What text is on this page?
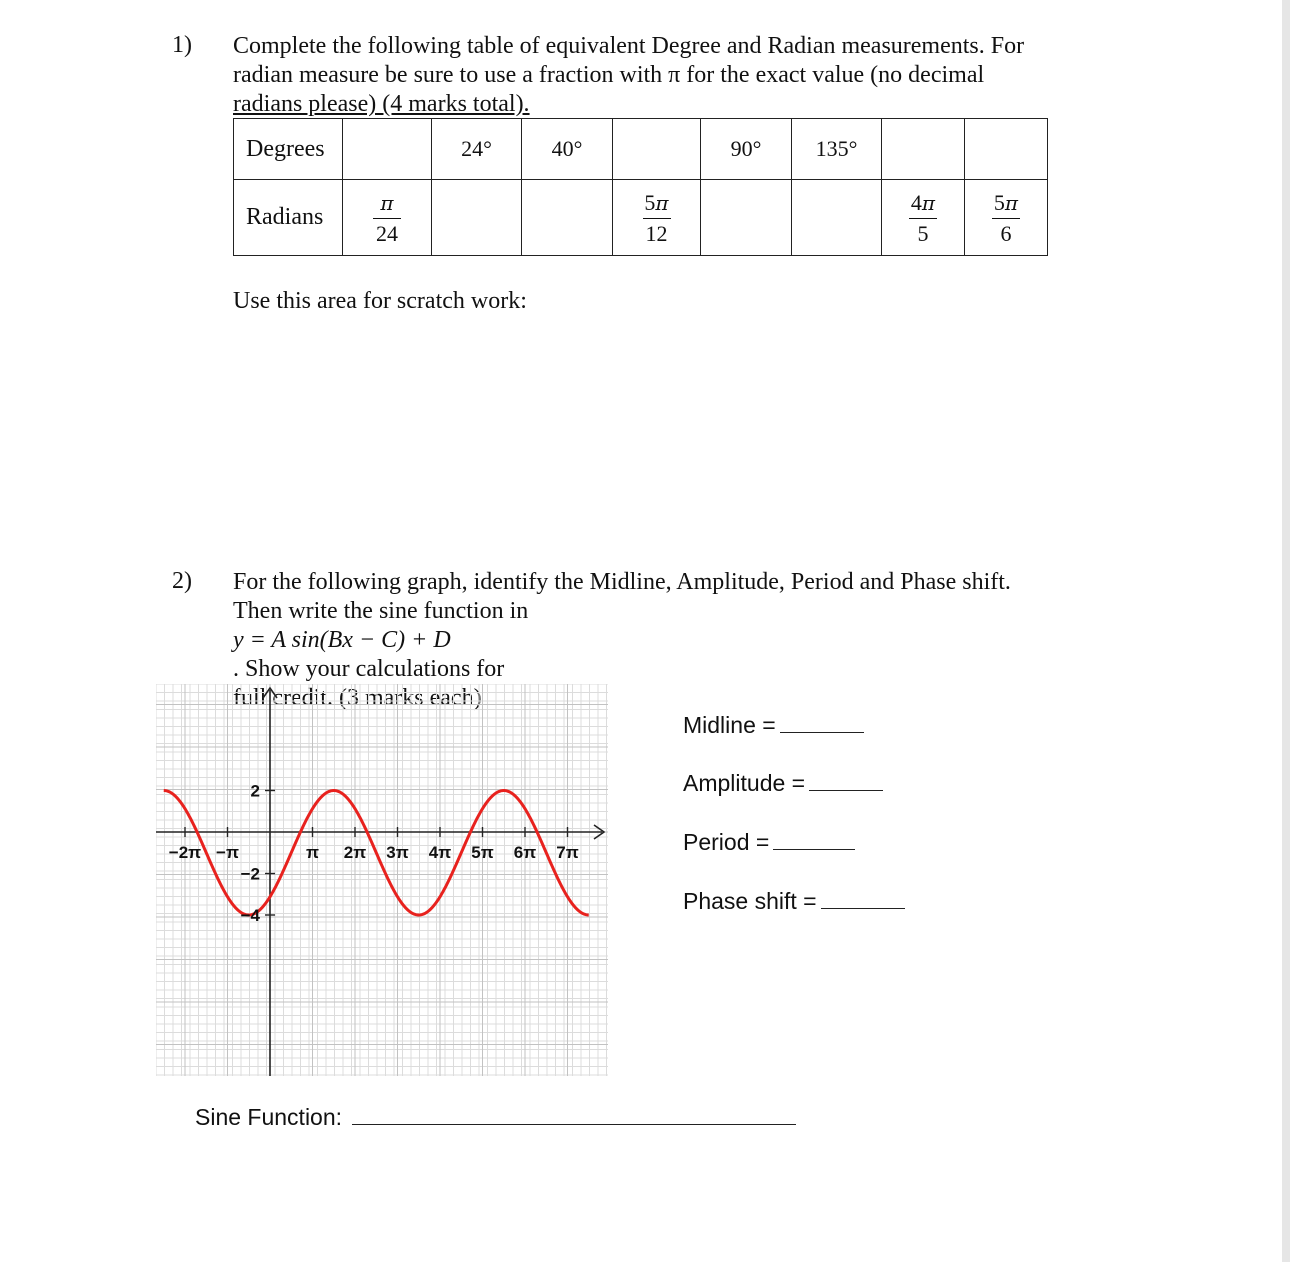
1) Complete the following table of equivalent Degree and Radian measurements. For
radian measure be sure to use a fraction with π for the exact value (no decimal
radians please) (4 marks total).
Degrees		24°	40°		90°	135°		
Radians	$\frac{\pi}{24}$			$\frac{5\pi}{12}$			$\frac{4\pi}{5}$	$\frac{5\pi}{6}$
Use this area for scratch work:
2) For the following graph, identify the Midline, Amplitude, Period and Phase shift.
Then write the sine function in
y = A sin(Bx − C) + D
. Show your calculations for
full credit. (3 marks each)
−2π −π	π 2π 3π 4π 5π 6π 7π
2
−2
−4
Midline =
Amplitude =
Period =
Phase shift =
Sine Function:
